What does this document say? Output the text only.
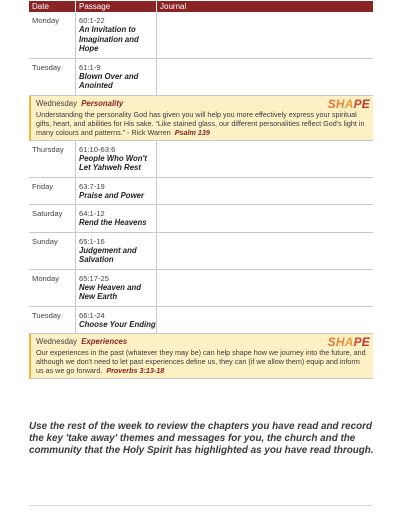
Date	Passage	Journal
Monday	60:1-22
An Invitation to
Imagination and
Hope
Tuesday	61:1-9
Blown Over and
Anointed
SHAPE
Wednesday Personality
Understanding the personality God has given you will help you more effectively express your spiritual gifts, heart, and abilities for His sake. “Like stained glass, our different personalities reflect God's light in many colours and patterns.” - Rick Warren Psalm 139
Thursday	61:10-63:6
People Who Won't
Let Yahweh Rest
Friday	63:7-19
Praise and Power
Saturday	64:1-12
Rend the Heavens
Sunday	65:1-16
Judgement and
Salvation
Monday	65:17-25
New Heaven and
New Earth
Tuesday	66:1-24
Choose Your Ending
SHAPE
Wednesday Experiences
Our experiences in the past (whatever they may be) can help shape how we journey into the future, and although we don't need to let past experiences define us, they can (if we allow them) equip and inform us as we go forward. Proverbs 3:13-18

Use the rest of the week to review the chapters you have read and record the key 'take away' themes and messages for you, the church and the community that the Holy Spirit has highlighted as you have read through.
